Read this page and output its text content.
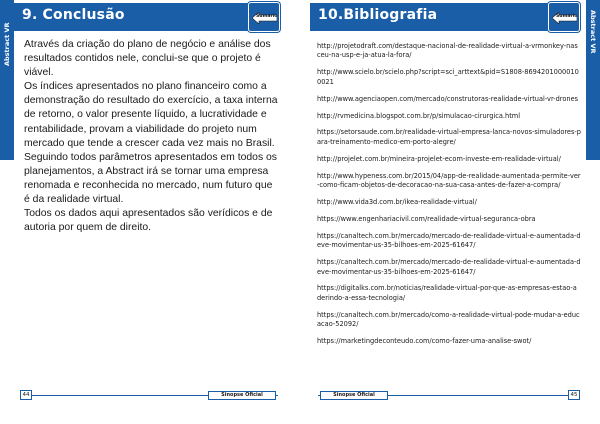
Abstract VR
9. Conclusão	Sumário

Através da criação do plano de negócio e análise dos resultados contidos nele, conclui-se que o projeto é viável.

Os índices apresentados no plano financeiro como a demonstração do resultado do exercício, a taxa interna de retorno, o valor presente líquido, a lucratividade e rentabilidade, provam a viabilidade do projeto num mercado que tende a crescer cada vez mais no Brasil. Seguindo todos parâmetros apresentados em todos os planejamentos, a Abstract irá se tornar uma empresa renomada e reconhecida no mercado, num futuro que é da realidade virtual.

Todos os dados aqui apresentados são verídicos e de autoria por quem de direito.

44	Sinopse Oficial
Abstract VR
10.Bibliografia	Sumário
http://projetodraft.com/destaque-nacional-de-realidade-virtual-a-vrmonkey-nasceu-na-usp-e-ja-atua-la-fora/
http://www.scielo.br/scielo.php?script=sci_arttext&pid=S1808-86942010000100021
http://www.agenciaopen.com/mercado/construtoras-realidade-virtual-vr-drones
http://rvmedicina.blogspot.com.br/p/simulacao-cirurgica.html
https://setorsaude.com.br/realidade-virtual-empresa-lanca-novos-simuladores-para-treinamento-medico-em-porto-alegre/
http://projelet.com.br/mineira-projelet-ecom-investe-em-realidade-virtual/
http://www.hypeness.com.br/2015/04/app-de-realidade-aumentada-permite-ver-como-ficam-objetos-de-decoracao-na-sua-casa-antes-de-fazer-a-compra/
http://www.vida3d.com.br/ikea-realidade-virtual/
https://www.engenhariacivil.com/realidade-virtual-seguranca-obra
https://canaltech.com.br/mercado/mercado-de-realidade-virtual-e-aumentada-deve-movimentar-us-35-bilhoes-em-2025-61647/
https://canaltech.com.br/mercado/mercado-de-realidade-virtual-e-aumentada-deve-movimentar-us-35-bilhoes-em-2025-61647/
https://digitalks.com.br/noticias/realidade-virtual-por-que-as-empresas-estao-aderindo-a-essa-tecnologia/
https://canaltech.com.br/mercado/como-a-realidade-virtual-pode-mudar-a-educacao-52092/
https://marketingdeconteudo.com/como-fazer-uma-analise-swot/
Sinopse Oficial	45
